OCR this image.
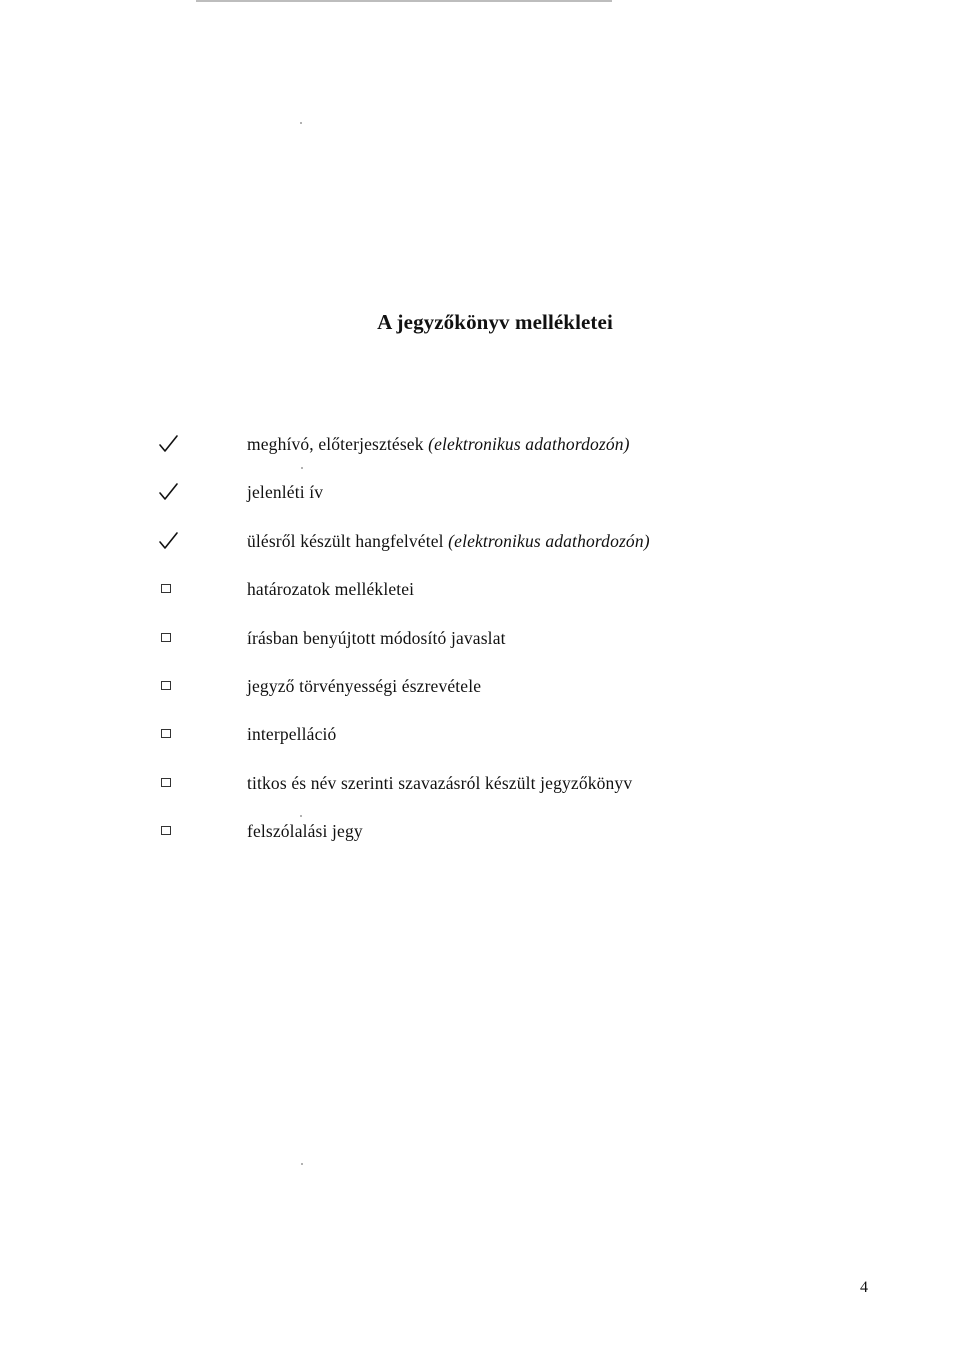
A jegyzőkönyv mellékletei
meghívó, előterjesztések (elektronikus adathordozón)
jelenléti ív
ülésről készült hangfelvétel (elektronikus adathordozón)
határozatok mellékletei
írásban benyújtott módosító javaslat
jegyző törvényességi észrevétele
interpelláció
titkos és név szerinti szavazásról készült jegyzőkönyv
felszólalási jegy
4
